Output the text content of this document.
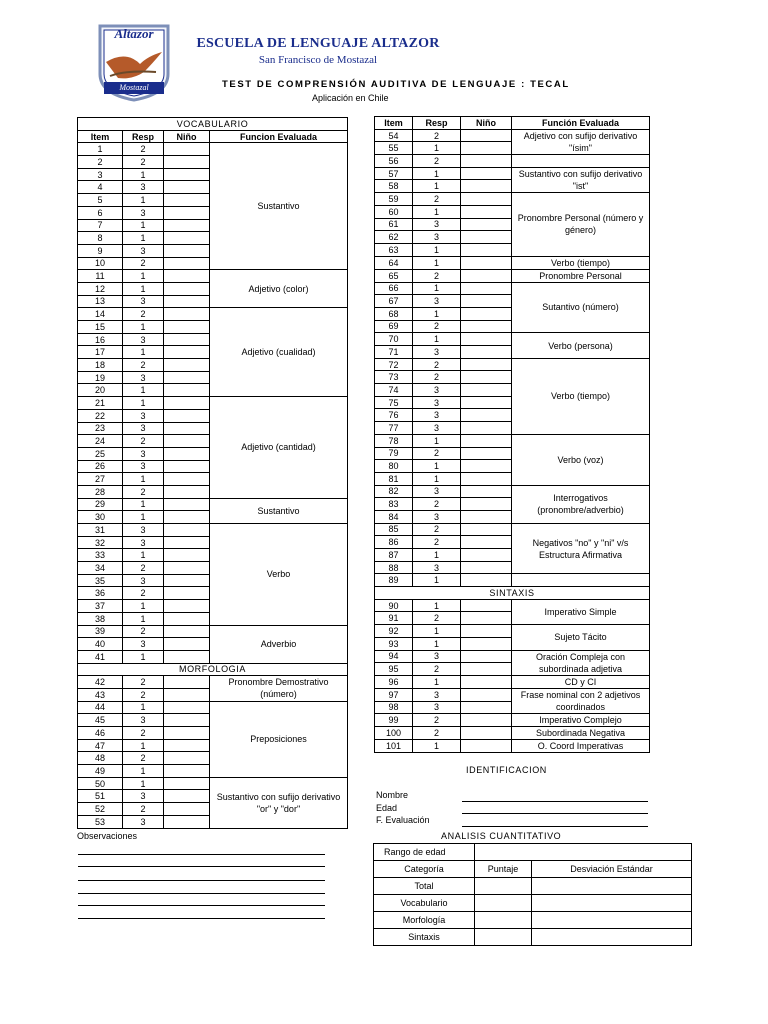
Altazor
Mostazal
ESCUELA DE LENGUAJE ALTAZOR
San Francisco de Mostazal
TEST DE COMPRENSIÓN AUDITIVA DE LENGUAJE : TECAL
Aplicación en Chile
VOCABULARIO			
Item	Resp	Niño	Funcion Evaluada
1	2		Sustantivo
2	2		
3	1		
4	3		
5	1		
6	3		
7	1		
8	1		
9	3		
10	2		
11	1		Adjetivo (color)
12	1		
13	3		
14	2		Adjetivo (cualidad)
15	1		
16	3		
17	1		
18	2		
19	3		
20	1		
21	1		Adjetivo (cantidad)
22	3		
23	3		
24	2		
25	3		
26	3		
27	1		
28	2		
29	1		Sustantivo
30	1		
31	3		Verbo
32	3		
33	1		
34	2		
35	3		
36	2		
37	1		
38	1		
39	2		Adverbio
40	3		
41	1		
MORFOLOGIA			
42	2		Pronombre Demostrativo (número)
43	2		
44	1		Preposiciones
45	3		
46	2		
47	1		
48	2		
49	1		
50	1		Sustantivo con sufijo derivativo "or" y "dor"
51	3		
52	2		
53	3		
Item	Resp	Niño	Función Evaluada
54	2		Adjetivo con sufijo derivativo "ísim"
55	1		
56	2		
57	1		Sustantivo con sufijo derivativo "ist"
58	1		
59	2		Pronombre Personal (número y género)
60	1		
61	3		
62	3		
63	1		
64	1		Verbo (tiempo)
65	2		Pronombre Personal
66	1		Sutantivo (número)
67	3		
68	1		
69	2		
70	1		Verbo (persona)
71	3		
72	2		Verbo (tiempo)
73	2		
74	3		
75	3		
76	3		
77	3		
78	1		Verbo (voz)
79	2		
80	1		
81	1		
82	3		Interrogativos (pronombre/adverbio)
83	2		
84	3		
85	2		Negativos "no" y "ni" v/s Estructura Afirmativa
86	2		
87	1		
88	3		
89	1		
SINTAXIS			
90	1		Imperativo Simple
91	2		
92	1		Sujeto Tácito
93	1		
94	3		Oración Compleja con subordinada adjetiva
95	2		
96	1		CD y CI
97	3		Frase nominal con 2 adjetivos coordinados
98	3		
99	2		Imperativo Complejo
100	2		Subordinada Negativa
101	1		O. Coord Imperativas
Observaciones
IDENTIFICACION
Nombre
Edad
F. Evaluación
ANALISIS CUANTITATIVO
Rango de edad		
Categoría	Puntaje	Desviación Estándar
Total		
Vocabulario		
Morfología		
Sintaxis		
